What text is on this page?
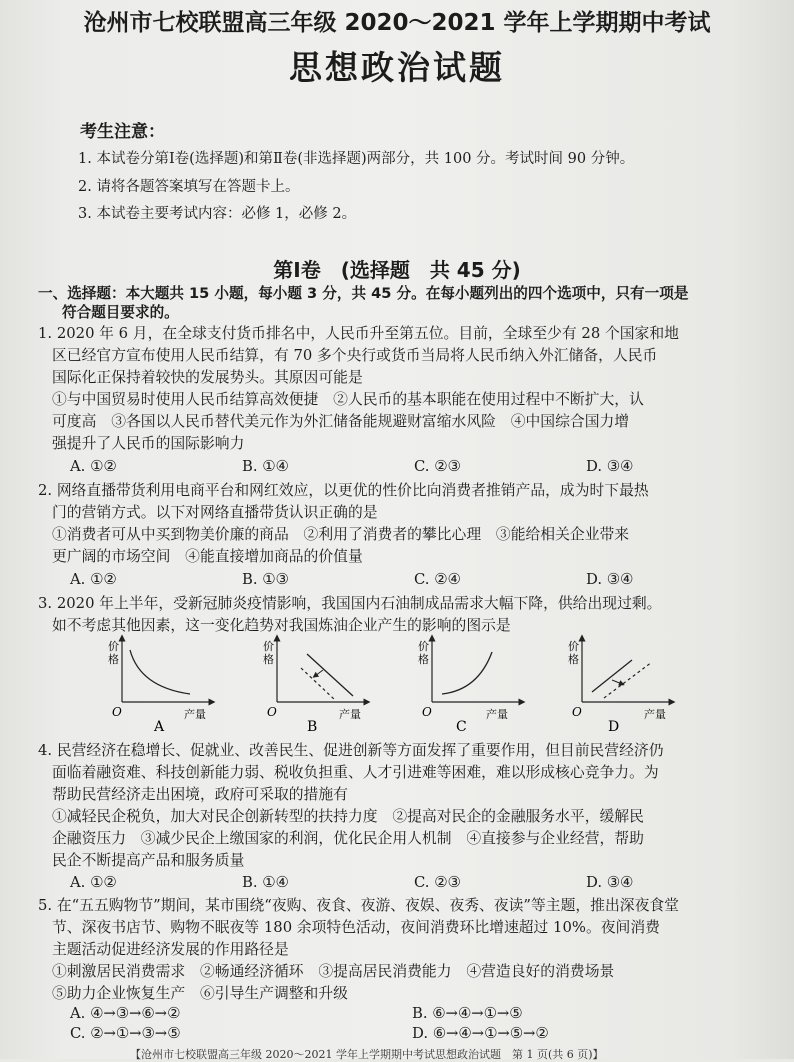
沧州市七校联盟高三年级 2020～2021 学年上学期期中考试
思想政治试题
考生注意：
1. 本试卷分第Ⅰ卷(选择题)和第Ⅱ卷(非选择题)两部分，共 100 分。考试时间 90 分钟。
2. 请将各题答案填写在答题卡上。
3. 本试卷主要考试内容：必修 1，必修 2。
第Ⅰ卷　(选择题　共 45 分)
一、选择题：本大题共 15 小题，每小题 3 分，共 45 分。在每小题列出的四个选项中，只有一项是
符合题目要求的。
1. 2020 年 6 月，在全球支付货币排名中，人民币升至第五位。目前，全球至少有 28 个国家和地
区已经官方宣布使用人民币结算，有 70 多个央行或货币当局将人民币纳入外汇储备，人民币
国际化正保持着较快的发展势头。其原因可能是
①与中国贸易时使用人民币结算高效便捷　②人民币的基本职能在使用过程中不断扩大，认
可度高　③各国以人民币替代美元作为外汇储备能规避财富缩水风险　④中国综合国力增
强提升了人民币的国际影响力
A. ①②	B. ①④	C. ②③	D. ③④
2. 网络直播带货利用电商平台和网红效应，以更优的性价比向消费者推销产品，成为时下最热
门的营销方式。以下对网络直播带货认识正确的是
①消费者可从中买到物美价廉的商品　②利用了消费者的攀比心理　③能给相关企业带来
更广阔的市场空间　④能直接增加商品的价值量
A. ①②	B. ①③	C. ②④	D. ③④
3. 2020 年上半年，受新冠肺炎疫情影响，我国国内石油制成品需求大幅下降，供给出现过剩。
如不考虑其他因素，这一变化趋势对我国炼油企业产生的影响的图示是
价
格
O	产量
A
价
格
O	产量
B
价
格
O	产量
C
价
格
O	产量
D
4. 民营经济在稳增长、促就业、改善民生、促进创新等方面发挥了重要作用，但目前民营经济仍
面临着融资难、科技创新能力弱、税收负担重、人才引进难等困难，难以形成核心竞争力。为
帮助民营经济走出困境，政府可采取的措施有
①减轻民企税负，加大对民企创新转型的扶持力度　②提高对民企的金融服务水平，缓解民
企融资压力　③减少民企上缴国家的利润，优化民企用人机制　④直接参与企业经营，帮助
民企不断提高产品和服务质量
A. ①②	B. ①④	C. ②③	D. ③④
5. 在“五五购物节”期间，某市围绕“夜购、夜食、夜游、夜娱、夜秀、夜读”等主题，推出深夜食堂
节、深夜书店节、购物不眠夜等 180 余项特色活动，夜间消费环比增速超过 10%。夜间消费
主题活动促进经济发展的作用路径是
①刺激居民消费需求　②畅通经济循环　③提高居民消费能力　④营造良好的消费场景
⑤助力企业恢复生产　⑥引导生产调整和升级
A. ④→③→⑥→②	B. ⑥→④→①→⑤
C. ②→①→③→⑤	D. ⑥→④→①→⑤→②
【沧州市七校联盟高三年级 2020～2021 学年上学期期中考试思想政治试题　第 1 页(共 6 页)】
